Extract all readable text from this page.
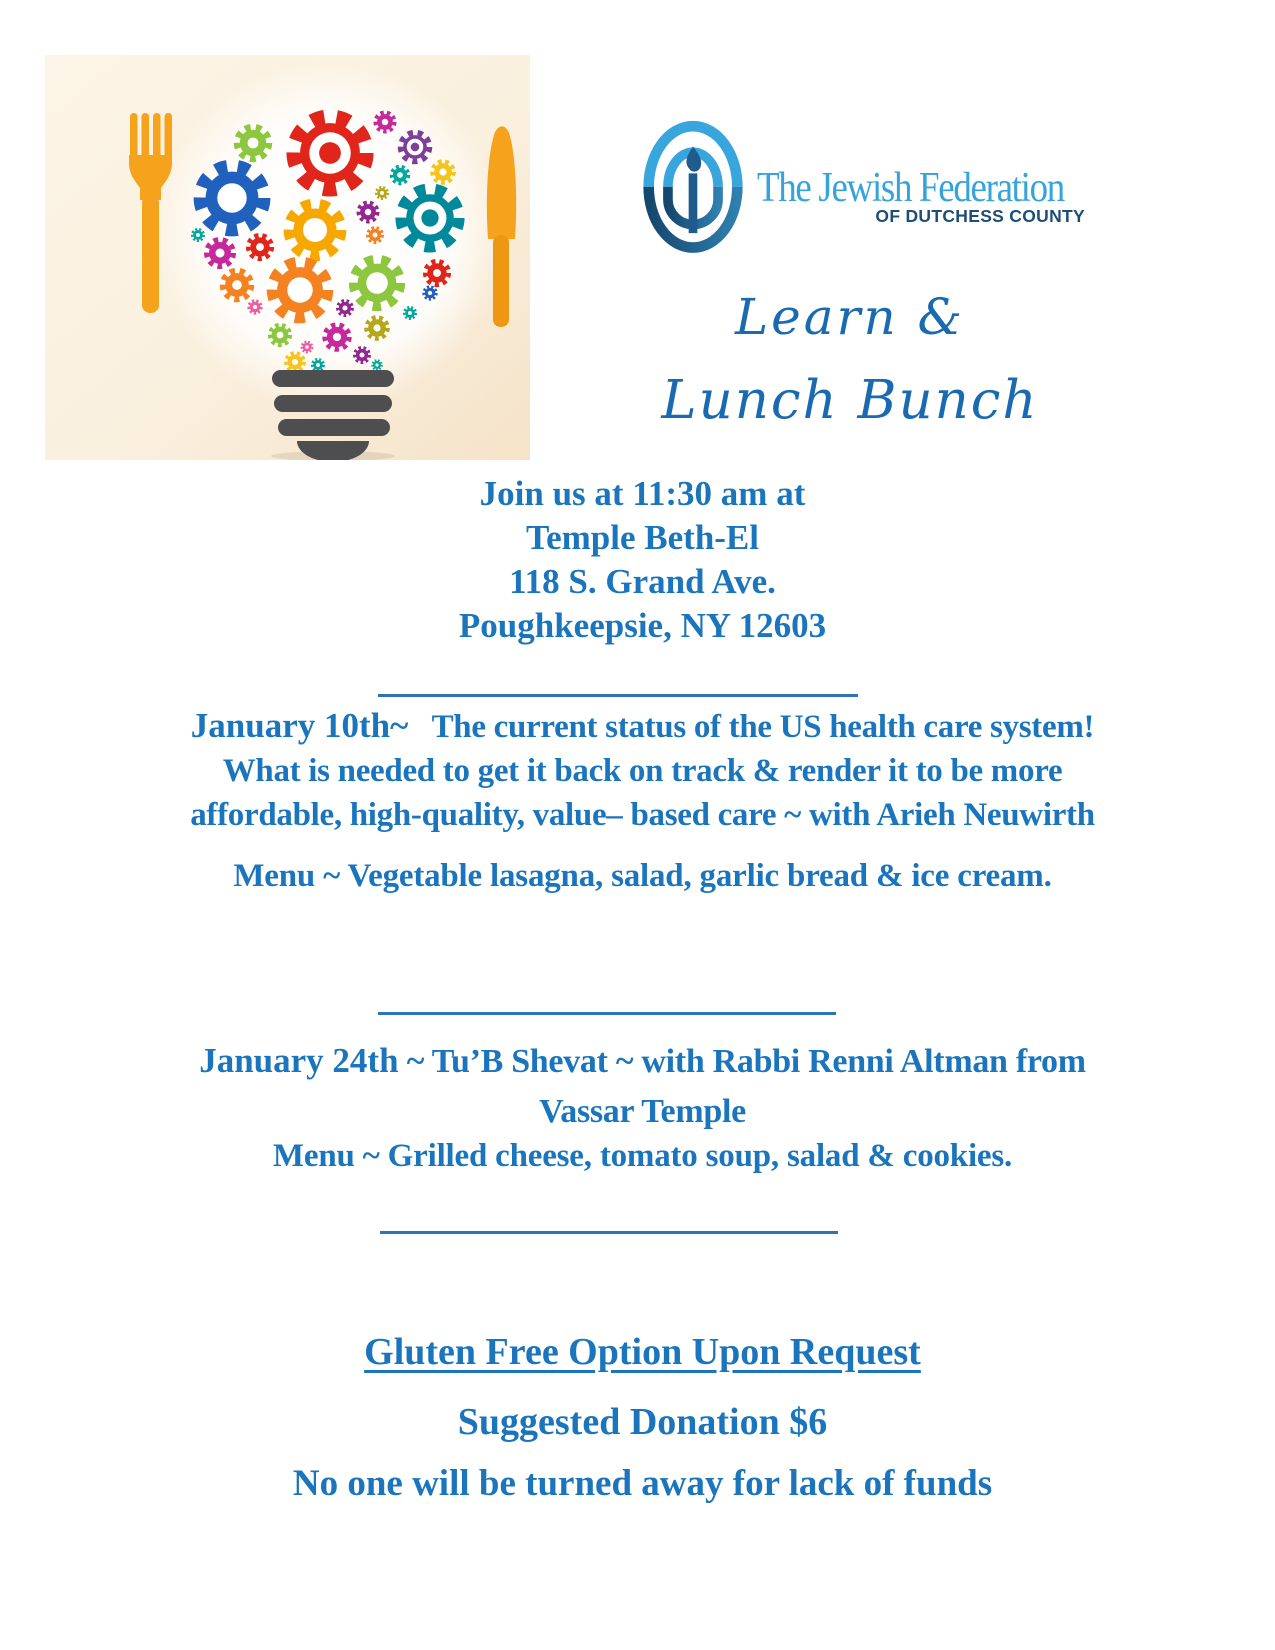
The Jewish Federation
OF DUTCHESS COUNTY
Learn &
Lunch Bunch
Join us at 11:30 am at
Temple Beth-El
118 S. Grand Ave.
Poughkeepsie, NY 12603
January 10th~   The current status of the US health care system!
What is needed to get it back on track & render it to be more
affordable, high-quality, value– based care ~ with Arieh Neuwirth
Menu ~ Vegetable lasagna, salad, garlic bread & ice cream.
January 24th ~ Tu’B Shevat ~ with Rabbi Renni Altman from
Vassar Temple
Menu ~ Grilled cheese, tomato soup, salad & cookies.
Gluten Free Option Upon Request
Suggested Donation $6
No one will be turned away for lack of funds
